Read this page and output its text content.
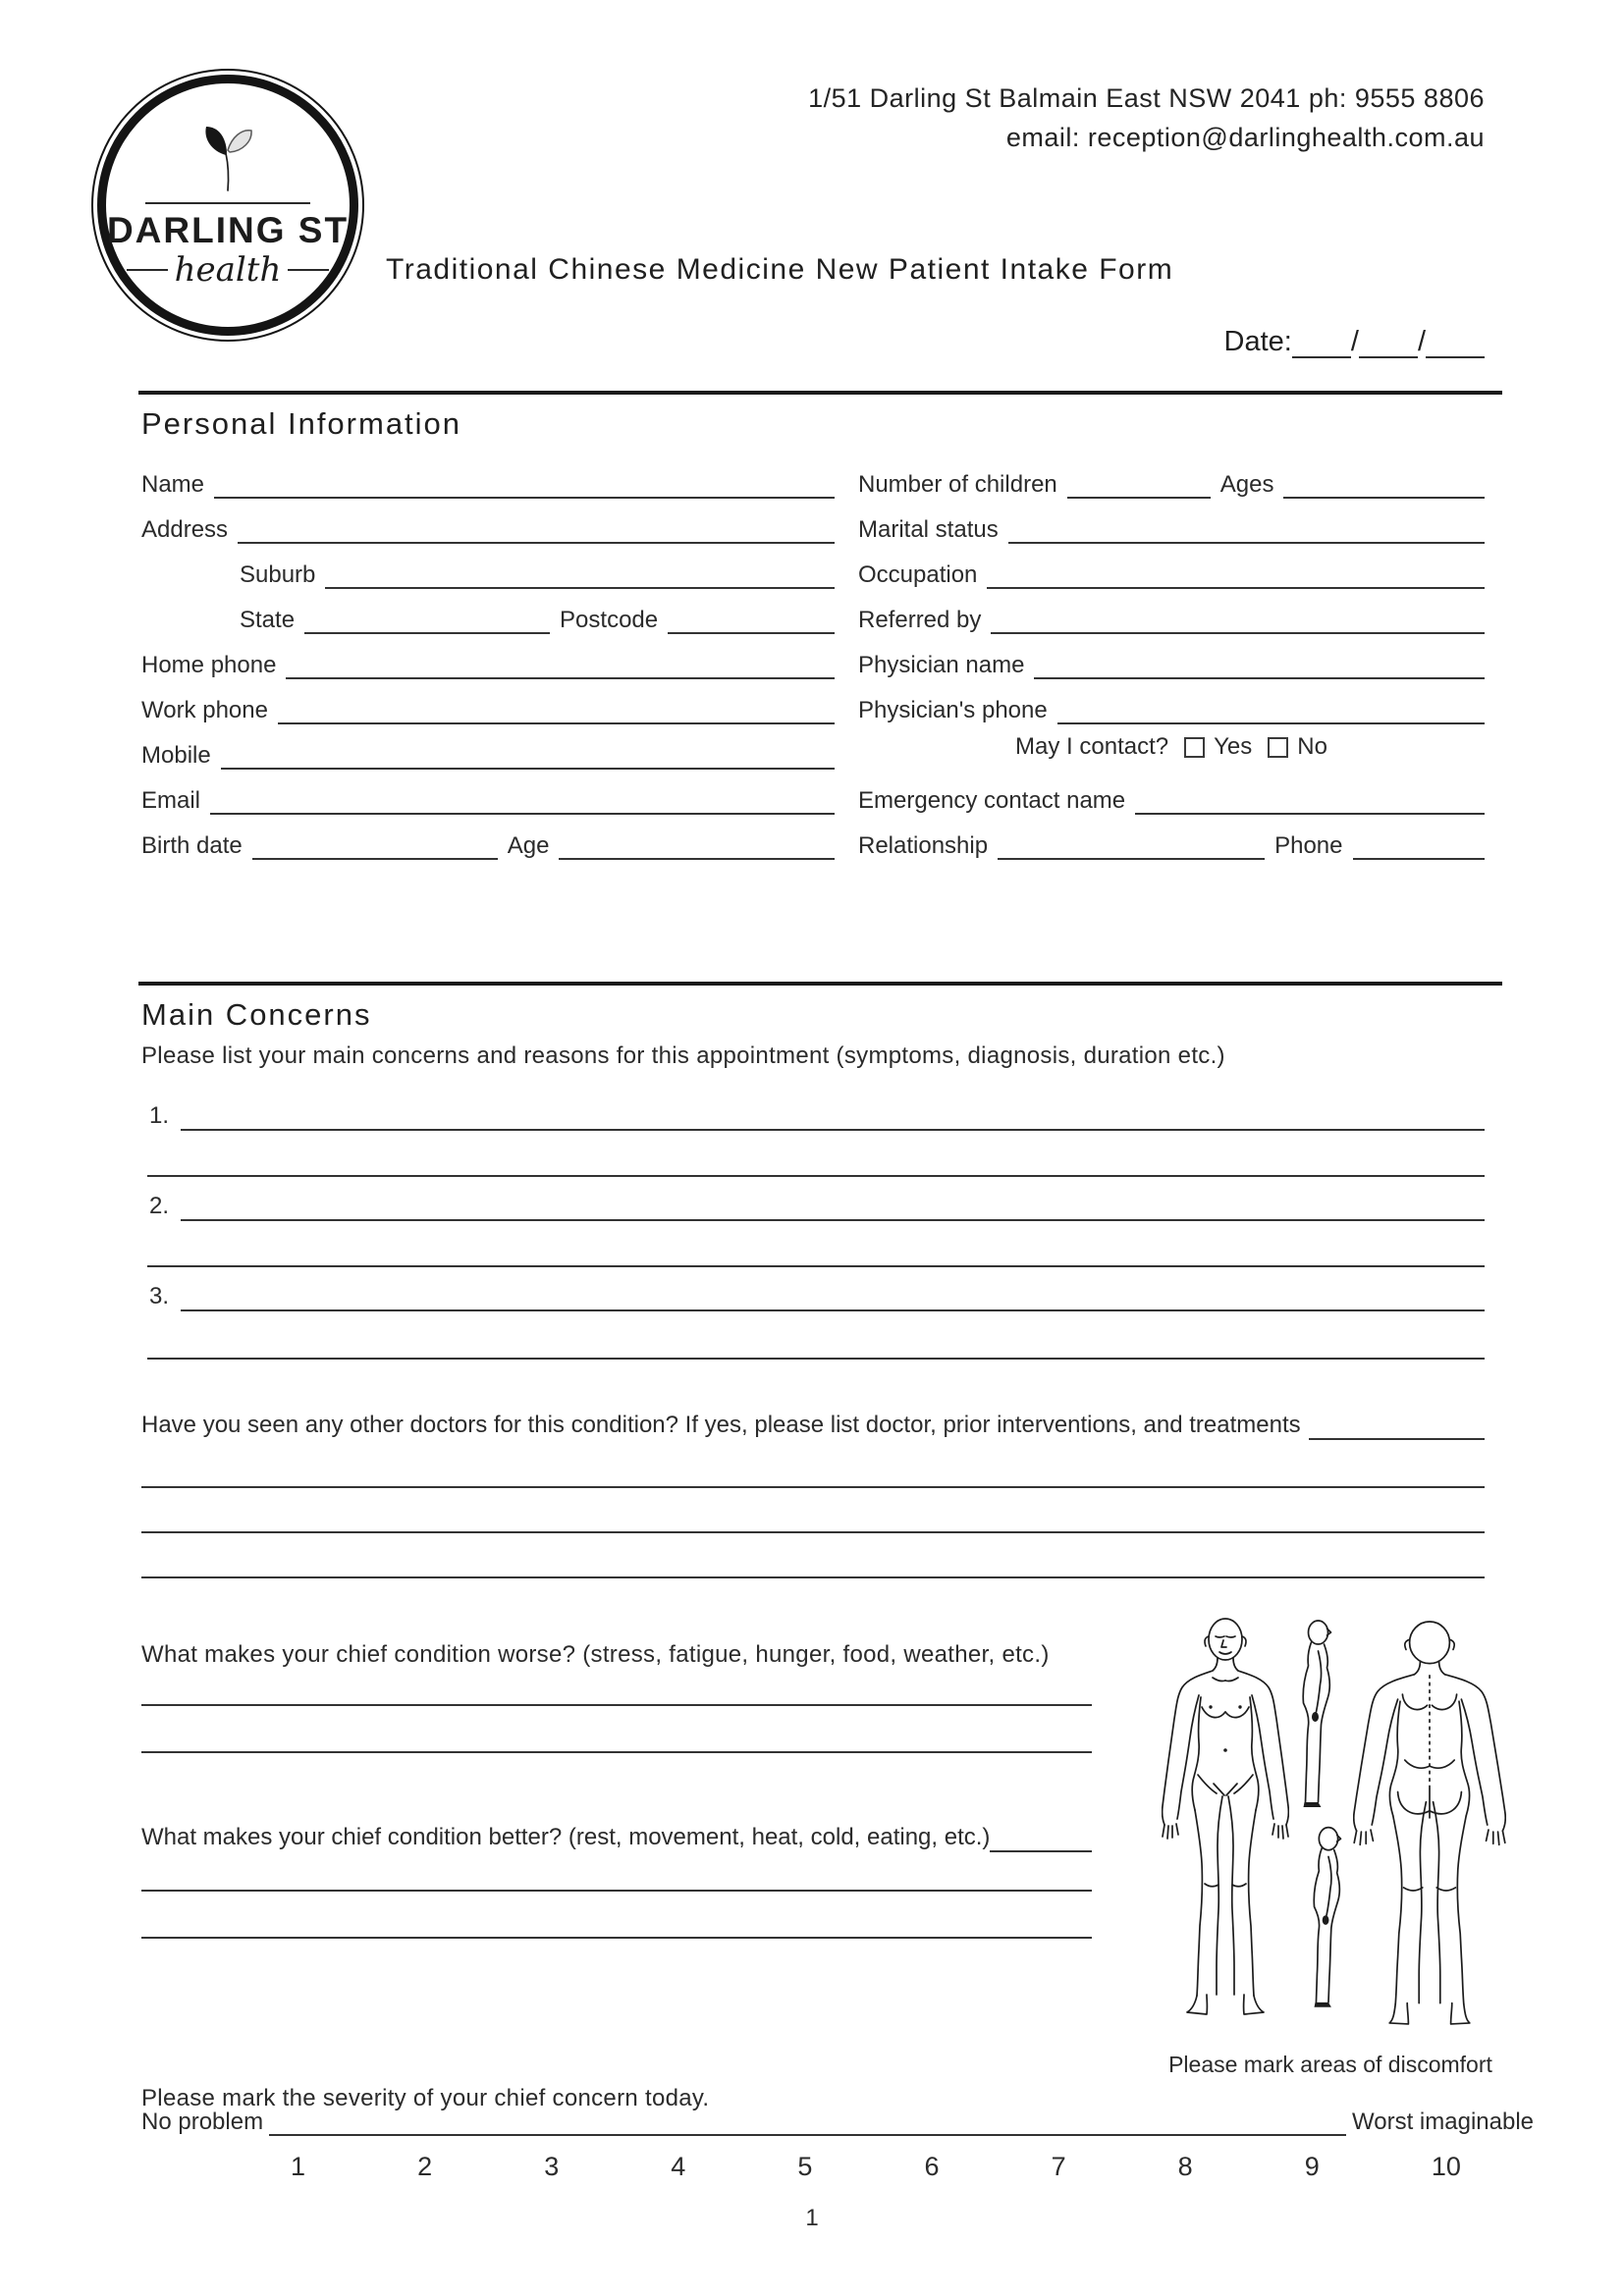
DARLING ST
health
1/51 Darling St Balmain East NSW 2041 ph: 9555 8806
email: reception@darlinghealth.com.au
Traditional Chinese Medicine New Patient Intake Form
Date: / /
Personal Information
Name
Address
Suburb
State	Postcode
Home phone
Work phone
Mobile
Email
Birth date	Age
Number of children	Ages
Marital status
Occupation
Referred by
Physician name
Physician's phone
May I contact? Yes No
Emergency contact name
Relationship	Phone
Main Concerns
Please list your main concerns and reasons for this appointment (symptoms, diagnosis, duration etc.)
1.
2.
3.
Have you seen any other doctors for this condition? If yes, please list doctor, prior interventions, and treatments
What makes your chief condition worse? (stress, fatigue, hunger, food, weather, etc.)
What makes your chief condition better? (rest, movement, heat, cold, eating, etc.)
Please mark areas of discomfort
Please mark the severity of your chief concern today.
No problem	Worst imaginable
1	2	3	4	5	6	7	8	9	10
1
